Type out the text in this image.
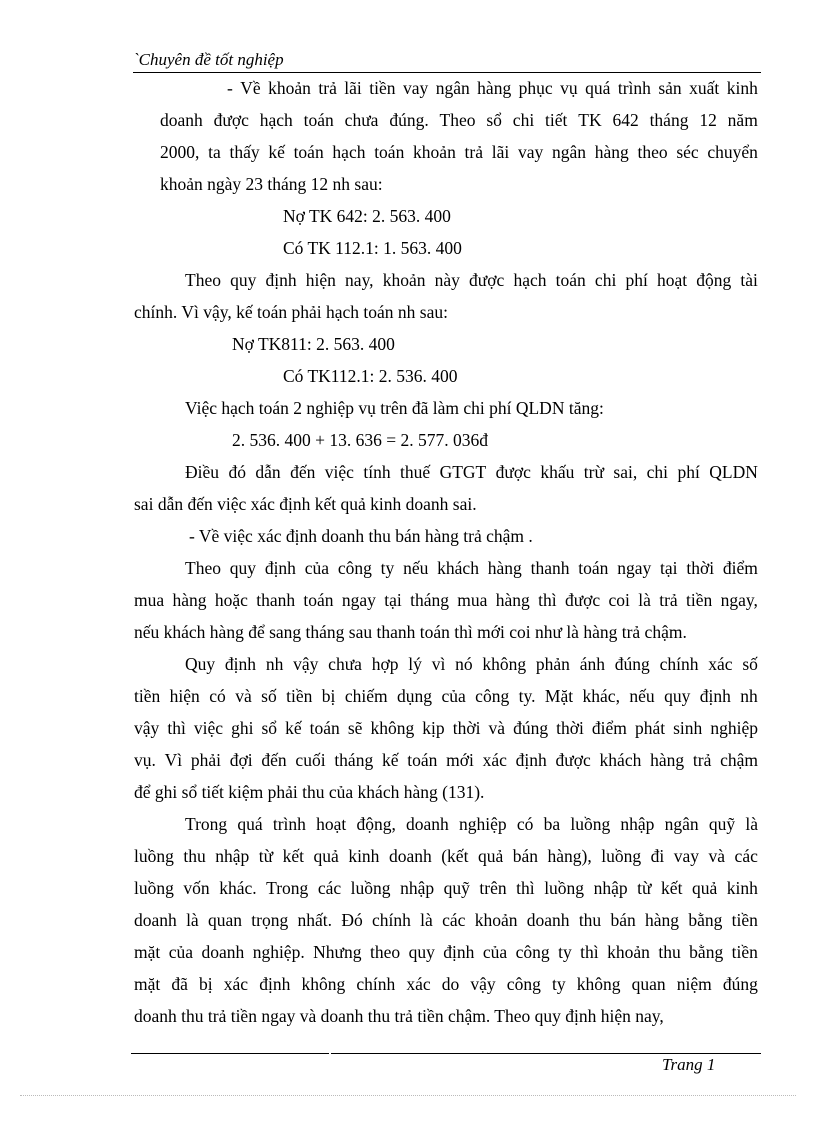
`Chuyên đề tốt nghiệp
- Về khoản trả lãi tiền vay ngân hàng phục vụ quá trình sản xuất kinh
doanh được hạch toán chưa đúng. Theo sổ chi tiết TK 642 tháng 12 năm
2000, ta thấy kế toán hạch toán khoản trả lãi vay ngân hàng theo séc chuyển
khoản ngày 23 tháng 12 nh sau:
Nợ TK 642: 2. 563. 400
Có TK 112.1: 1. 563. 400
Theo quy định hiện nay, khoản này được hạch toán chi phí hoạt động tài
chính. Vì vậy, kế toán phải hạch toán nh sau:
Nợ TK811: 2. 563. 400
Có TK112.1: 2. 536. 400
Việc hạch toán 2 nghiệp vụ trên đã làm chi phí QLDN tăng:
2. 536. 400 + 13. 636 = 2. 577. 036đ
Điều đó dẫn đến việc tính thuế GTGT được khấu trừ sai, chi phí QLDN
sai dẫn đến việc xác định kết quả kinh doanh sai.
- Về việc xác định doanh thu bán hàng trả chậm .
Theo quy định của công ty nếu khách hàng thanh toán ngay tại thời điểm
mua hàng hoặc thanh toán ngay tại tháng mua hàng thì được coi là trả tiền ngay,
nếu khách hàng để sang tháng sau thanh toán thì mới coi như là hàng trả chậm.
Quy định nh vậy chưa hợp lý vì nó không phản ánh đúng chính xác số
tiền hiện có và số tiền bị chiếm dụng của công ty. Mặt khác, nếu quy định nh
vậy thì việc ghi sổ kế toán sẽ không kịp thời và đúng thời điểm phát sinh nghiệp
vụ. Vì phải đợi đến cuối tháng kế toán mới xác định được khách hàng trả chậm
để ghi sổ tiết kiệm phải thu của khách hàng (131).
Trong quá trình hoạt động, doanh nghiệp có ba luồng nhập ngân quỹ là
luồng thu nhập từ kết quả kinh doanh (kết quả bán hàng), luồng đi vay và các
luồng vốn khác. Trong các luồng nhập quỹ trên thì luồng nhập từ kết quả kinh
doanh là quan trọng nhất. Đó chính là các khoản doanh thu bán hàng bằng tiền
mặt của doanh nghiệp. Nhưng theo quy định của công ty thì khoản thu bằng tiền
mặt đã bị xác định không chính xác do vậy công ty không quan niệm đúng
doanh thu trả tiền ngay và doanh thu trả tiền chậm. Theo quy định hiện nay,
Trang 1
